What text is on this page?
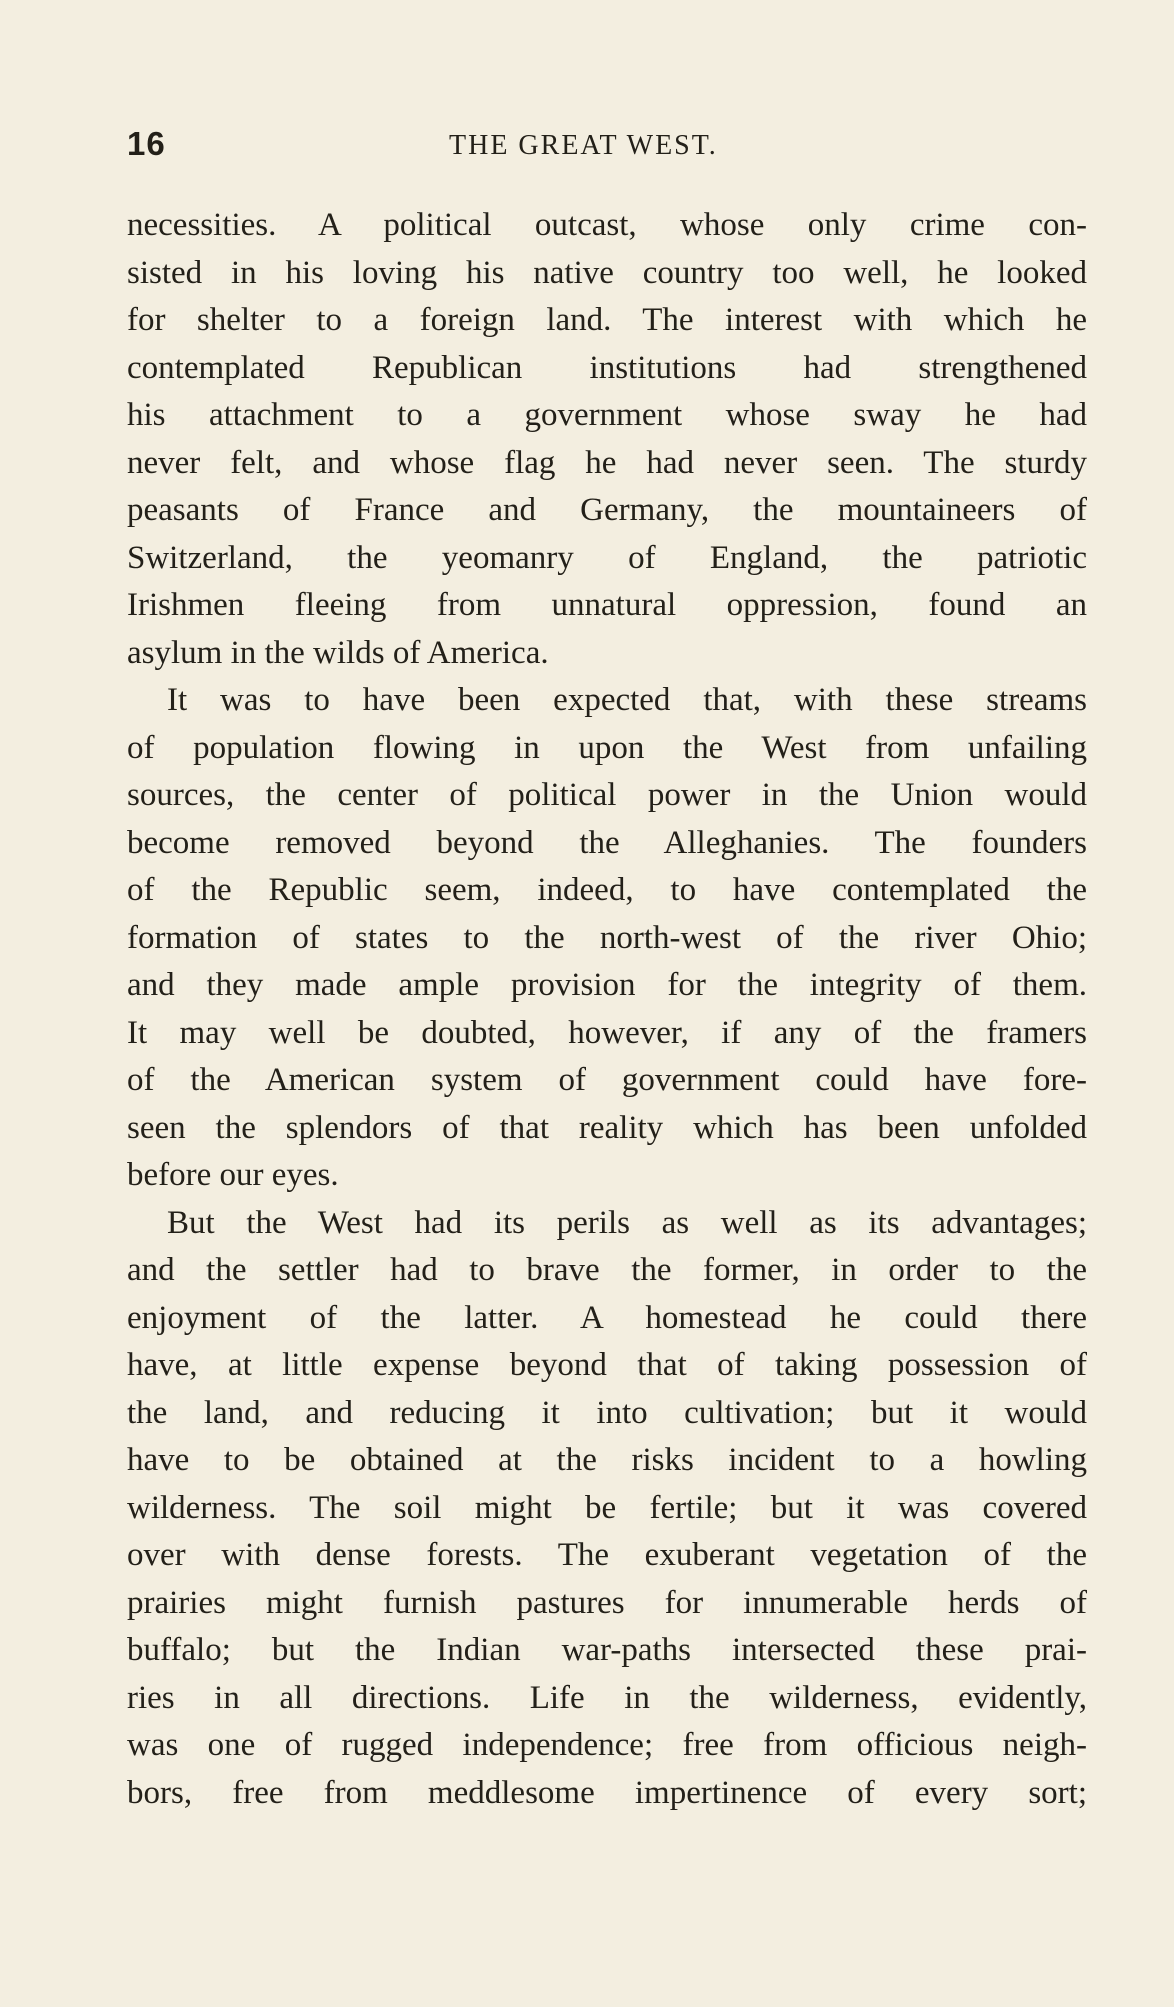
16	THE GREAT WEST.
necessities. A political outcast, whose only crime con-
sisted in his loving his native country too well, he looked
for shelter to a foreign land. The interest with which he
contemplated Republican institutions had strengthened
his attachment to a government whose sway he had
never felt, and whose flag he had never seen. The sturdy
peasants of France and Germany, the mountaineers of
Switzerland, the yeomanry of England, the patriotic
Irishmen fleeing from unnatural oppression, found an
asylum in the wilds of America.
It was to have been expected that, with these streams
of population flowing in upon the West from unfailing
sources, the center of political power in the Union would
become removed beyond the Alleghanies. The founders
of the Republic seem, indeed, to have contemplated the
formation of states to the north-west of the river Ohio;
and they made ample provision for the integrity of them.
It may well be doubted, however, if any of the framers
of the American system of government could have fore-
seen the splendors of that reality which has been unfolded
before our eyes.
But the West had its perils as well as its advantages;
and the settler had to brave the former, in order to the
enjoyment of the latter. A homestead he could there
have, at little expense beyond that of taking possession of
the land, and reducing it into cultivation; but it would
have to be obtained at the risks incident to a howling
wilderness. The soil might be fertile; but it was covered
over with dense forests. The exuberant vegetation of the
prairies might furnish pastures for innumerable herds of
buffalo; but the Indian war-paths intersected these prai-
ries in all directions. Life in the wilderness, evidently,
was one of rugged independence; free from officious neigh-
bors, free from meddlesome impertinence of every sort;
